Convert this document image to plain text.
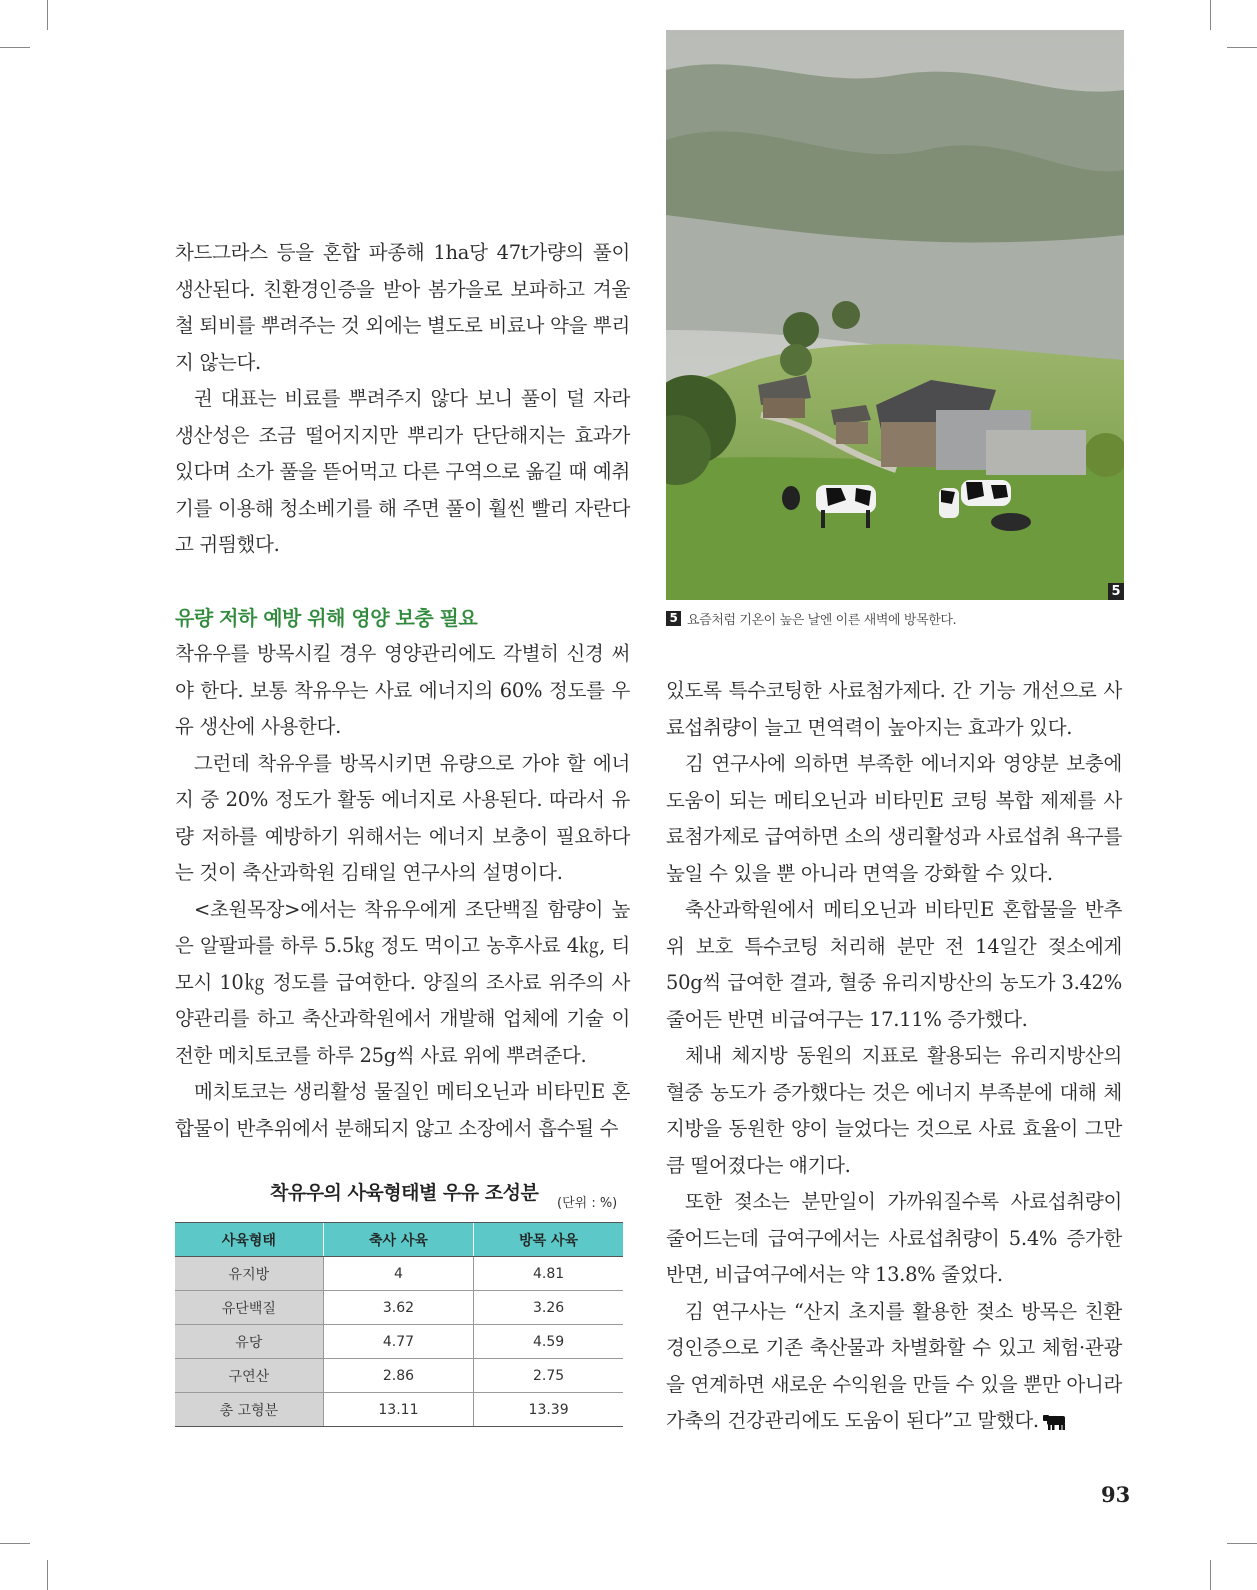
차드그라스 등을 혼합 파종해 1ha당 47t가량의 풀이 생산된다. 친환경인증을 받아 봄가을로 보파하고 겨울철 퇴비를 뿌려주는 것 외에는 별도로 비료나 약을 뿌리지 않는다.

권 대표는 비료를 뿌려주지 않다 보니 풀이 덜 자라 생산성은 조금 떨어지지만 뿌리가 단단해지는 효과가 있다며 소가 풀을 뜯어먹고 다른 구역으로 옮길 때 예취기를 이용해 청소베기를 해 주면 풀이 훨씬 빨리 자란다고 귀띔했다.

유량 저하 예방 위해 영양 보충 필요

착유우를 방목시킬 경우 영양관리에도 각별히 신경 써야 한다. 보통 착유우는 사료 에너지의 60% 정도를 우유 생산에 사용한다.

그런데 착유우를 방목시키면 유량으로 가야 할 에너지 중 20% 정도가 활동 에너지로 사용된다. 따라서 유량 저하를 예방하기 위해서는 에너지 보충이 필요하다는 것이 축산과학원 김태일 연구사의 설명이다.

<초원목장>에서는 착유우에게 조단백질 함량이 높은 알팔파를 하루 5.5㎏ 정도 먹이고 농후사료 4㎏, 티모시 10㎏ 정도를 급여한다. 양질의 조사료 위주의 사양관리를 하고 축산과학원에서 개발해 업체에 기술 이전한 메치토코를 하루 25g씩 사료 위에 뿌려준다.

메치토코는 생리활성 물질인 메티오닌과 비타민E 혼합물이 반추위에서 분해되지 않고 소장에서 흡수될 수

5
5 요즘처럼 기온이 높은 날엔 이른 새벽에 방목한다.

있도록 특수코팅한 사료첨가제다. 간 기능 개선으로 사료섭취량이 늘고 면역력이 높아지는 효과가 있다.

김 연구사에 의하면 부족한 에너지와 영양분 보충에 도움이 되는 메티오닌과 비타민E 코팅 복합 제제를 사료첨가제로 급여하면 소의 생리활성과 사료섭취 욕구를 높일 수 있을 뿐 아니라 면역을 강화할 수 있다.

축산과학원에서 메티오닌과 비타민E 혼합물을 반추위 보호 특수코팅 처리해 분만 전 14일간 젖소에게 50g씩 급여한 결과, 혈중 유리지방산의 농도가 3.42% 줄어든 반면 비급여구는 17.11% 증가했다.

체내 체지방 동원의 지표로 활용되는 유리지방산의 혈중 농도가 증가했다는 것은 에너지 부족분에 대해 체지방을 동원한 양이 늘었다는 것으로 사료 효율이 그만큼 떨어졌다는 얘기다.

또한 젖소는 분만일이 가까워질수록 사료섭취량이 줄어드는데 급여구에서는 사료섭취량이 5.4% 증가한 반면, 비급여구에서는 약 13.8% 줄었다.

김 연구사는 “산지 초지를 활용한 젖소 방목은 친환경인증으로 기존 축산물과 차별화할 수 있고 체험·관광을 연계하면 새로운 수익원을 만들 수 있을 뿐만 아니라 가축의 건강관리에도 도움이 된다”고 말했다.

착유우의 사육형태별 우유 조성분 (단위 : %)
사육형태	축사 사육	방목 사육
유지방	4	4.81
유단백질	3.62	3.26
유당	4.77	4.59
구연산	2.86	2.75
총 고형분	13.11	13.39
93
